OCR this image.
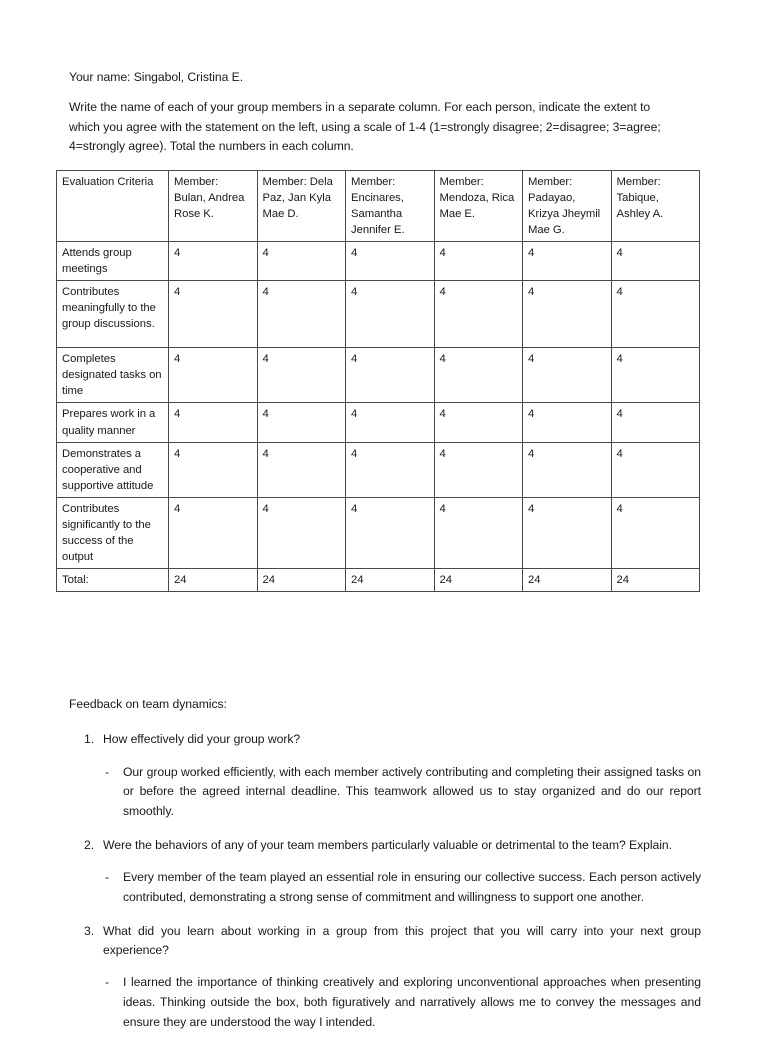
Your name: Singabol, Cristina E.

Write the name of each of your group members in a separate column. For each person, indicate the extent to which you agree with the statement on the left, using a scale of 1-4 (1=strongly disagree; 2=disagree; 3=agree; 4=strongly agree). Total the numbers in each column.

Evaluation Criteria	Member: Bulan, Andrea Rose K.	Member: Dela Paz, Jan Kyla Mae D.	Member: Encinares, Samantha Jennifer E.	Member: Mendoza, Rica Mae E.	Member: Padayao, Krizya Jheymil Mae G.	Member: Tabique, Ashley A.
Attends group meetings	4	4	4	4	4	4
Contributes meaningfully to the group discussions.	4	4	4	4	4	4
Completes designated tasks on time	4	4	4	4	4	4
Prepares work in a quality manner	4	4	4	4	4	4
Demonstrates a cooperative and supportive attitude	4	4	4	4	4	4
Contributes significantly to the success of the output	4	4	4	4	4	4
Total:	24	24	24	24	24	24

Feedback on team dynamics:

1. How effectively did your group work?
-	Our group worked efficiently, with each member actively contributing and completing their assigned tasks on or before the agreed internal deadline. This teamwork allowed us to stay organized and do our report smoothly.
2. Were the behaviors of any of your team members particularly valuable or detrimental to the team? Explain.
-	Every member of the team played an essential role in ensuring our collective success. Each person actively contributed, demonstrating a strong sense of commitment and willingness to support one another.
3. What did you learn about working in a group from this project that you will carry into your next group experience?
-	I learned the importance of thinking creatively and exploring unconventional approaches when presenting ideas. Thinking outside the box, both figuratively and narratively allows me to convey the messages and ensure they are understood the way I intended.
